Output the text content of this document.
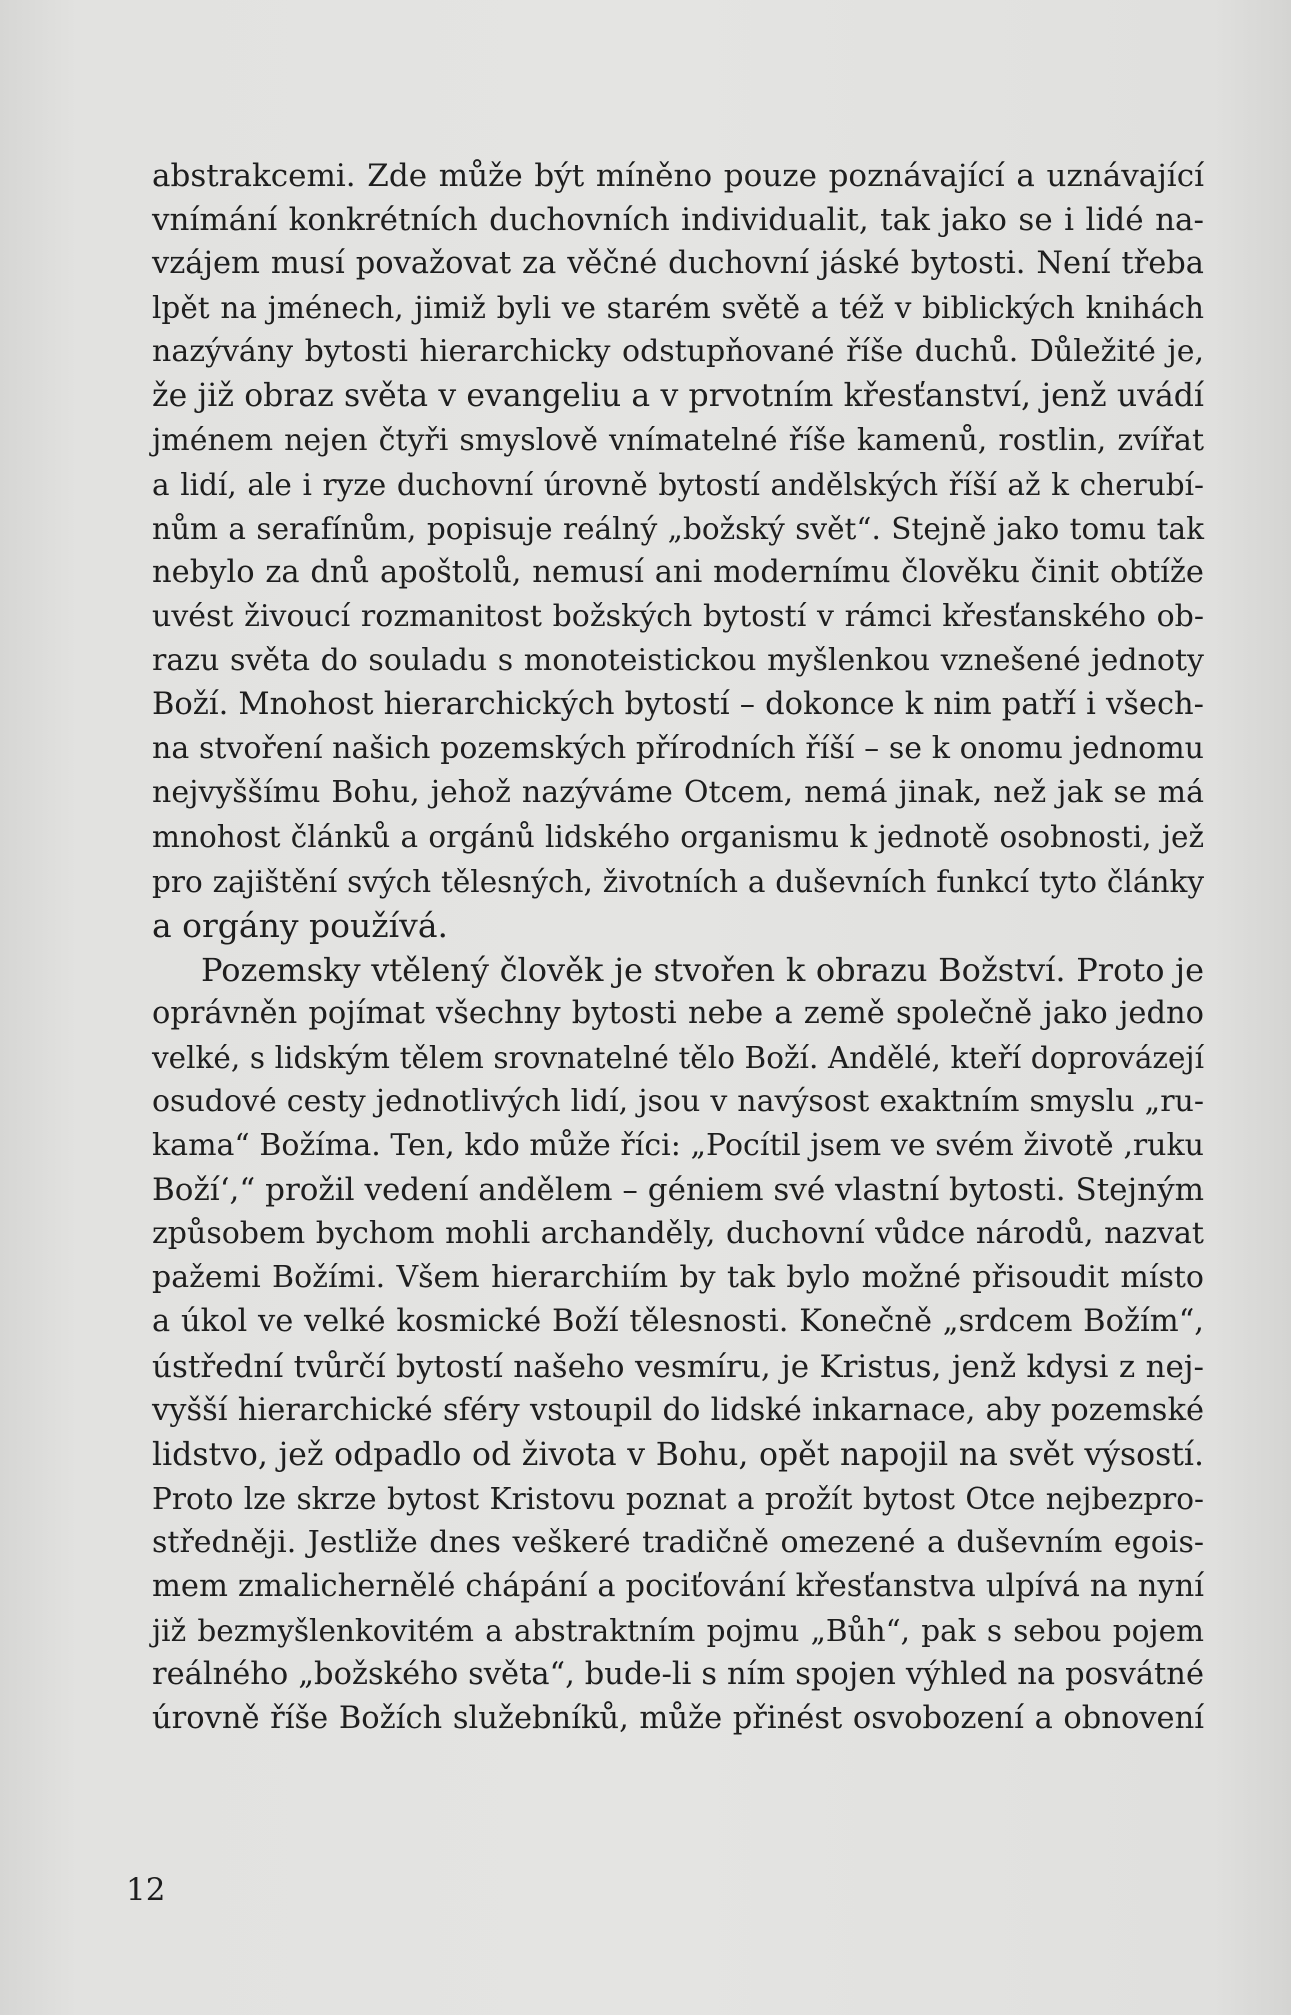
abstrakcemi. Zde může být míněno pouze poznávající a uznávající
vnímání konkrétních duchovních individualit, tak jako se i lidé na-
vzájem musí považovat za věčné duchovní jáské bytosti. Není třeba
lpět na jménech, jimiž byli ve starém světě a též v biblických knihách
nazývány bytosti hierarchicky odstupňované říše duchů. Důležité je,
že již obraz světa v evangeliu a v prvotním křesťanství, jenž uvádí
jménem nejen čtyři smyslově vnímatelné říše kamenů, rostlin, zvířat
a lidí, ale i ryze duchovní úrovně bytostí andělských říší až k cherubí-
nům a serafínům, popisuje reálný „božský svět“. Stejně jako tomu tak
nebylo za dnů apoštolů, nemusí ani modernímu člověku činit obtíže
uvést živoucí rozmanitost božských bytostí v rámci křesťanského ob-
razu světa do souladu s monoteistickou myšlenkou vznešené jednoty
Boží. Mnohost hierarchických bytostí – dokonce k nim patří i všech-
na stvoření našich pozemských přírodních říší – se k onomu jednomu
nejvyššímu Bohu, jehož nazýváme Otcem, nemá jinak, než jak se má
mnohost článků a orgánů lidského organismu k jednotě osobnosti, jež
pro zajištění svých tělesných, životních a duševních funkcí tyto články
a orgány používá.
Pozemsky vtělený člověk je stvořen k obrazu Božství. Proto je
oprávněn pojímat všechny bytosti nebe a země společně jako jedno
velké, s lidským tělem srovnatelné tělo Boží. Andělé, kteří doprovázejí
osudové cesty jednotlivých lidí, jsou v navýsost exaktním smyslu „ru-
kama“ Božíma. Ten, kdo může říci: „Pocítil jsem ve svém životě ‚ruku
Boží‘,“ prožil vedení andělem – géniem své vlastní bytosti. Stejným
způsobem bychom mohli archanděly, duchovní vůdce národů, nazvat
pažemi Božími. Všem hierarchiím by tak bylo možné přisoudit místo
a úkol ve velké kosmické Boží tělesnosti. Konečně „srdcem Božím“,
ústřední tvůrčí bytostí našeho vesmíru, je Kristus, jenž kdysi z nej-
vyšší hierarchické sféry vstoupil do lidské inkarnace, aby pozemské
lidstvo, jež odpadlo od života v Bohu, opět napojil na svět výsostí.
Proto lze skrze bytost Kristovu poznat a prožít bytost Otce nejbezpro-
středněji. Jestliže dnes veškeré tradičně omezené a duševním egois-
mem zmalichernělé chápání a pociťování křesťanstva ulpívá na nyní
již bezmyšlenkovitém a abstraktním pojmu „Bůh“, pak s sebou pojem
reálného „božského světa“, bude-li s ním spojen výhled na posvátné
úrovně říše Božích služebníků, může přinést osvobození a obnovení
12
